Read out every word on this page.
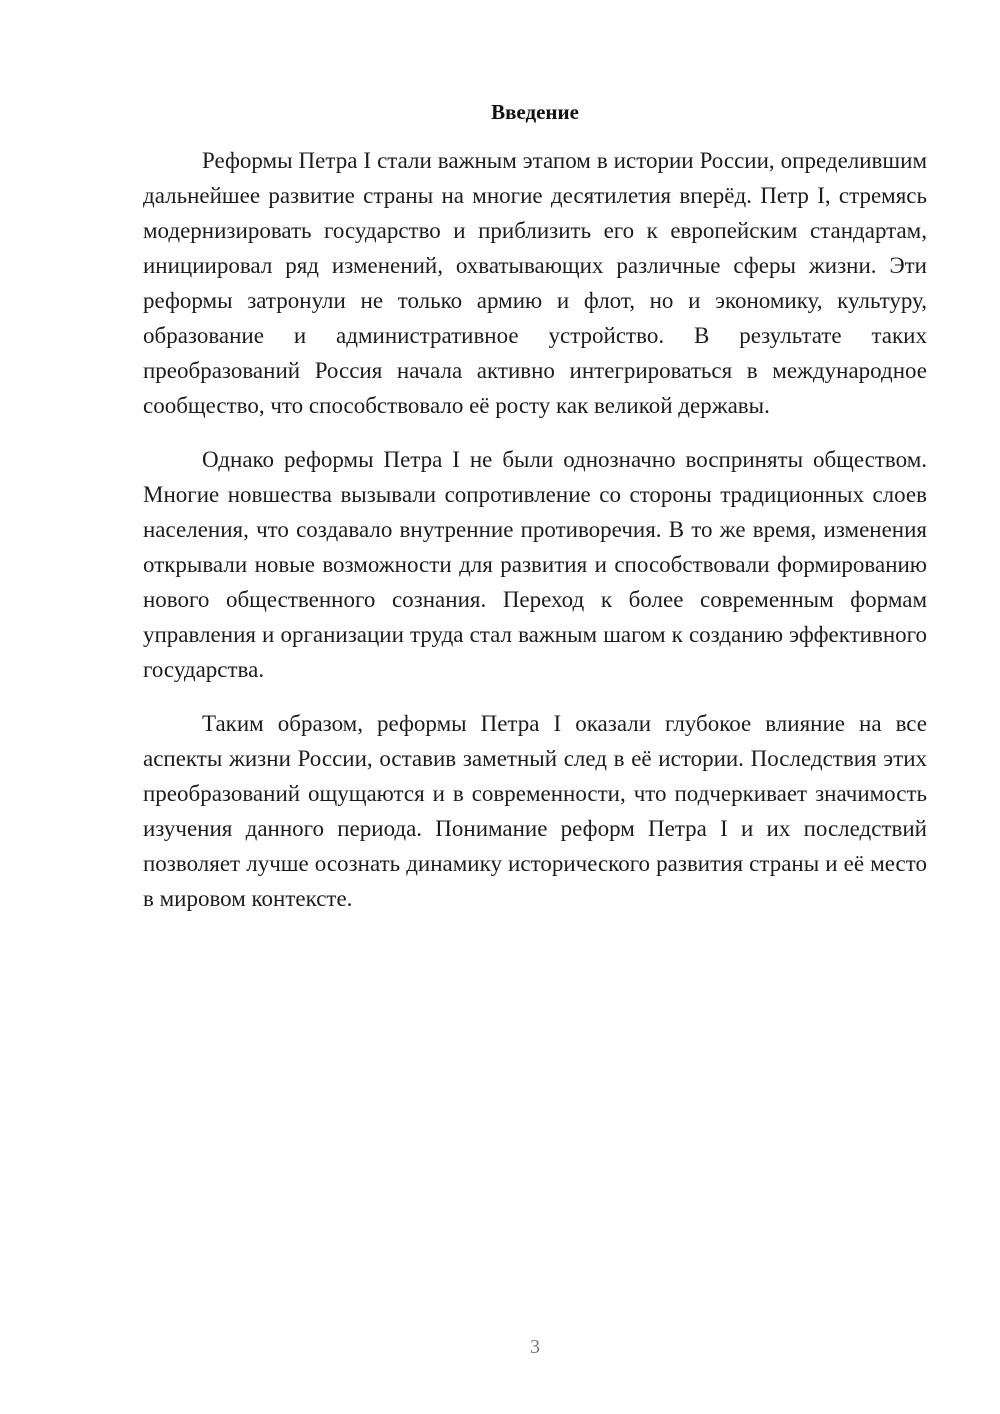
Введение

Реформы Петра I стали важным этапом в истории России, определившим дальнейшее развитие страны на многие десятилетия вперёд. Петр I, стремясь модернизировать государство и приблизить его к европейским стандартам, инициировал ряд изменений, охватывающих различные сферы жизни. Эти реформы затронули не только армию и флот, но и экономику, культуру, образование и административное устройство. В результате таких преобразований Россия начала активно интегрироваться в международное сообщество, что способствовало её росту как великой державы.

Однако реформы Петра I не были однозначно восприняты обществом. Многие новшества вызывали сопротивление со стороны традиционных слоев населения, что создавало внутренние противоречия. В то же время, изменения открывали новые возможности для развития и способствовали формированию нового общественного сознания. Переход к более современным формам управления и организации труда стал важным шагом к созданию эффективного государства.

Таким образом, реформы Петра I оказали глубокое влияние на все аспекты жизни России, оставив заметный след в её истории. Последствия этих преобразований ощущаются и в современности, что подчеркивает значимость изучения данного периода. Понимание реформ Петра I и их последствий позволяет лучше осознать динамику исторического развития страны и её место в мировом контексте.

3
